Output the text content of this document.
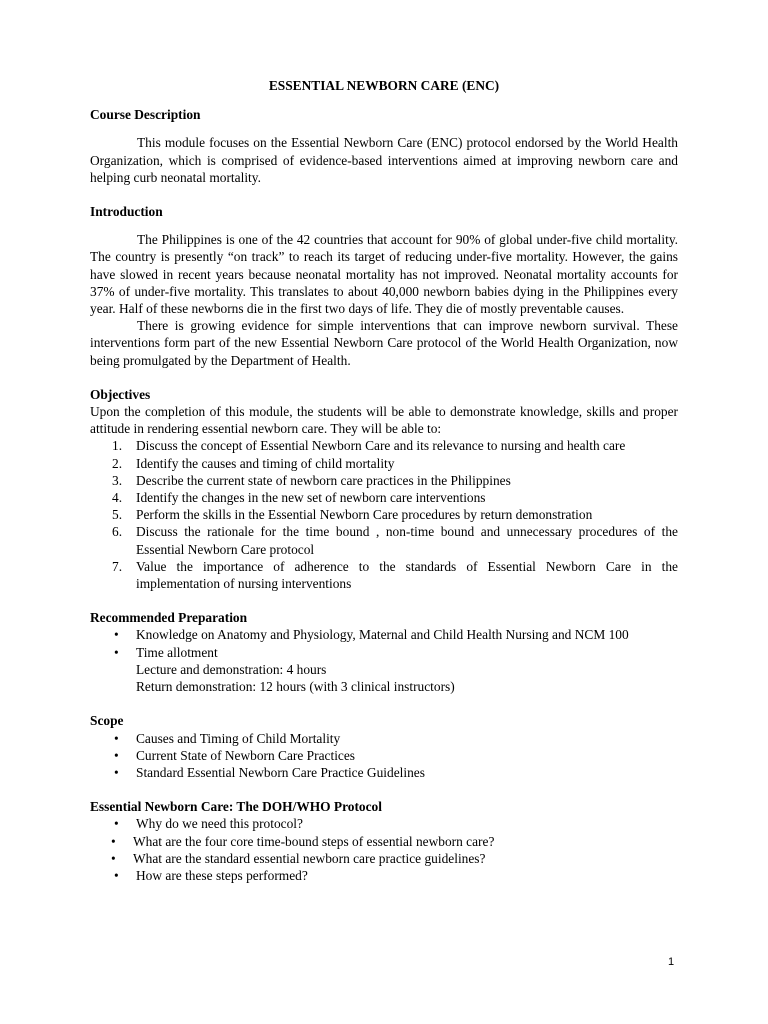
ESSENTIAL NEWBORN CARE (ENC)

Course Description

This module focuses on the Essential Newborn Care (ENC) protocol endorsed by the World Health Organization, which is comprised of evidence-based interventions aimed at improving newborn care and helping curb neonatal mortality.

Introduction

The Philippines is one of the 42 countries that account for 90% of global under-five child mortality. The country is presently “on track” to reach its target of reducing under-five mortality. However, the gains have slowed in recent years because neonatal mortality has not improved. Neonatal mortality accounts for 37% of under-five mortality. This translates to about 40,000 newborn babies dying in the Philippines every year. Half of these newborns die in the first two days of life. They die of mostly preventable causes.

There is growing evidence for simple interventions that can improve newborn survival. These interventions form part of the new Essential Newborn Care protocol of the World Health Organization, now being promulgated by the Department of Health.

Objectives

Upon the completion of this module, the students will be able to demonstrate knowledge, skills and proper attitude in rendering essential newborn care. They will be able to:

1. Discuss the concept of Essential Newborn Care and its relevance to nursing and health care
2. Identify the causes and timing of child mortality
3. Describe the current state of newborn care practices in the Philippines
4. Identify the changes in the new set of newborn care interventions
5. Perform the skills in the Essential Newborn Care procedures by return demonstration
6. Discuss the rationale for the time bound , non-time bound and unnecessary procedures of the Essential Newborn Care protocol
7. Value the importance of adherence to the standards of Essential Newborn Care in the implementation of nursing interventions

Recommended Preparation

• Knowledge on Anatomy and Physiology, Maternal and Child Health Nursing and NCM 100
• Time allotment
Lecture and demonstration: 4 hours
Return demonstration: 12 hours (with 3 clinical instructors)

Scope

• Causes and Timing of Child Mortality
• Current State of Newborn Care Practices
• Standard Essential Newborn Care Practice Guidelines

Essential Newborn Care: The DOH/WHO Protocol

• Why do we need this protocol?
• What are the four core time-bound steps of essential newborn care?
• What are the standard essential newborn care practice guidelines?
• How are these steps performed?
1
